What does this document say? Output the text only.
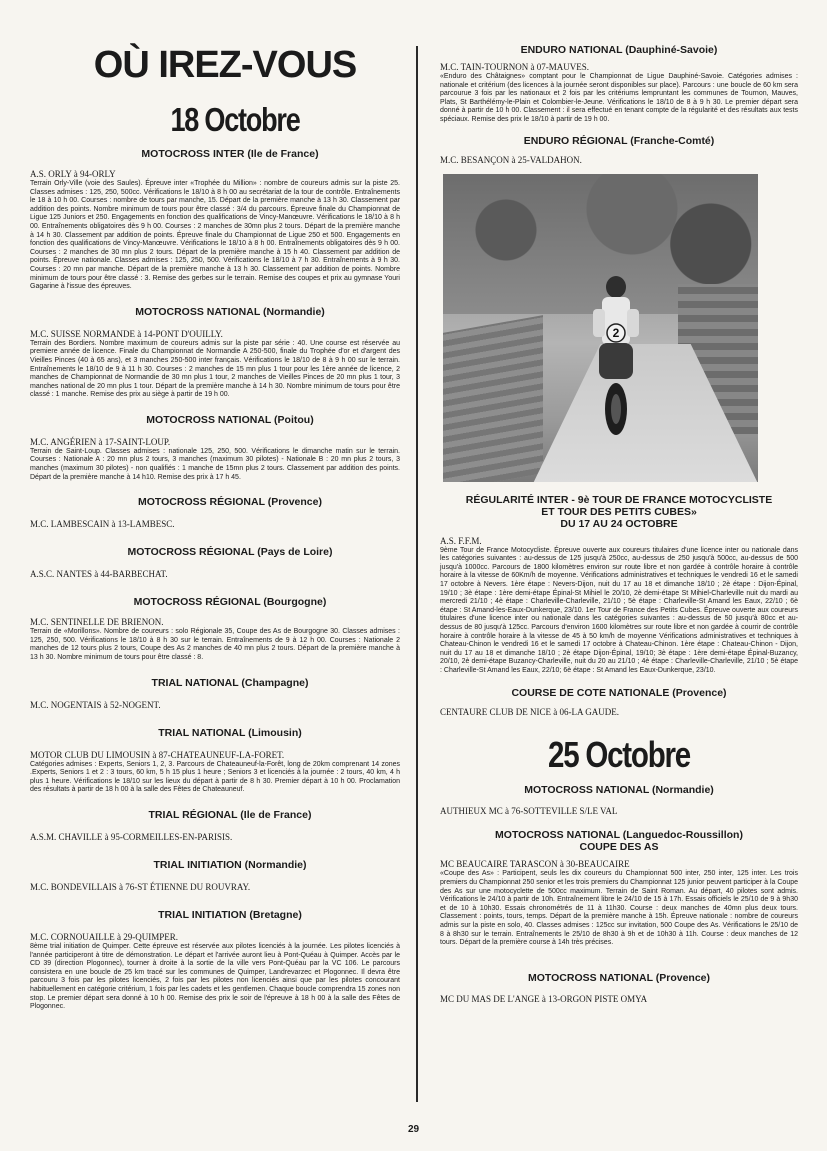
OÙ IREZ-VOUS
18 Octobre
MOTOCROSS INTER (Ile de France)
A.S. ORLY à 94-ORLY
Terrain Orly-Ville (voie des Saules). Épreuve inter «Trophée du Million» : nombre de coureurs admis sur la piste 25. Classes admises : 125, 250, 500cc. Vérifications le 18/10 à 8 h 00 au secrétariat de la tour de contrôle. Entraînements le 18 à 10 h 00. Courses : nombre de tours par manche, 15. Départ de la première manche à 13 h 30. Classement par addition des points. Nombre minimum de tours pour être classé : 3/4 du parcours. Épreuve finale du Championnat de Ligue 125 Juniors et 250. Engagements en fonction des qualifications de Vincy-Manœuvre. Vérifications le 18/10 à 8 h 00. Entraînements obligatoires dès 9 h 00. Courses : 2 manches de 30mn plus 2 tours. Départ de la première manche à 14 h 30. Classement par addition de points. Épreuve finale du Championnat de Ligue 250 et 500. Engagements en fonction des qualifications de Vincy-Manœuvre. Vérifications le 18/10 à 8 h 00. Entraînements obligatoires dès 9 h 00. Courses : 2 manches de 30 mn plus 2 tours. Départ de la première manche à 15 h 40. Classement par addition de points. Épreuve nationale. Classes admises : 125, 250, 500. Vérifications le 18/10 à 7 h 30. Entraînements à 9 h 30. Courses : 20 mn par manche. Départ de la première manche à 13 h 30. Classement par addition de points. Nombre minimum de tours pour être classé : 3. Remise des gerbes sur le terrain. Remise des coupes et prix au gymnase Youri Gagarine à l'issue des épreuves.
MOTOCROSS NATIONAL (Normandie)
M.C. SUISSE NORMANDE à 14-PONT D'OUILLY.
Terrain des Bordiers. Nombre maximum de coureurs admis sur la piste par série : 40. Une course est réservée au premiere année de licence. Finale du Championnat de Normandie A 250-500, finale du Trophée d'or et d'argent des Vieilles Pinces (40 à 65 ans), et 3 manches 250-500 inter français. Vérifications le 18/10 de 8 à 9 h 00 sur le terrain. Entraînements le 18/10 de 9 à 11 h 30. Courses : 2 manches de 15 mn plus 1 tour pour les 1ère année de licence, 2 manches de Championnat de Normandie de 30 mn plus 1 tour, 2 manches de Vieilles Pinces de 20 mn plus 1 tour, 3 manches national de 20 mn plus 1 tour. Départ de la première manche à 14 h 30. Nombre minimum de tours pour être classé : 1 manche. Remise des prix au siège à partir de 19 h 00.
MOTOCROSS NATIONAL (Poitou)
M.C. ANGÉRIEN à 17-SAINT-LOUP.
Terrain de Saint-Loup. Classes admises : nationale 125, 250, 500. Vérifications le dimanche matin sur le terrain. Courses : Nationale A : 20 mn plus 2 tours, 3 manches (maximum 30 pilotes) - Nationale B : 20 mn plus 2 tours, 3 manches (maximum 30 pilotes) - non qualifiés : 1 manche de 15mn plus 2 tours. Classement par addition des points. Départ de la première manche à 14 h10. Remise des prix à 17 h 45.
MOTOCROSS RÉGIONAL (Provence)
M.C. LAMBESCAIN à 13-LAMBESC.
MOTOCROSS RÉGIONAL (Pays de Loire)
A.S.C. NANTES à 44-BARBECHAT.
MOTOCROSS RÉGIONAL (Bourgogne)
M.C. SENTINELLE DE BRIENON.
Terrain de «Morillons». Nombre de coureurs : solo Régionale 35, Coupe des As de Bourgogne 30. Classes admises : 125, 250, 500. Vérifications le 18/10 à 8 h 30 sur le terrain. Entraînements de 9 à 12 h 00. Courses : Nationale 2 manches de 12 tours plus 2 tours, Coupe des As 2 manches de 40 mn plus 2 tours. Départ de la première manche à 13 h 30. Nombre minimum de tours pour être classé : 8.
TRIAL NATIONAL (Champagne)
M.C. NOGENTAIS à 52-NOGENT.
TRIAL NATIONAL (Limousin)
MOTOR CLUB DU LIMOUSIN à 87-CHATEAUNEUF-LA-FORET.
Catégories admises : Experts, Seniors 1, 2, 3. Parcours de Chateauneuf-la-Forêt, long de 20km comprenant 14 zones .Experts, Seniors 1 et 2 : 3 tours, 60 km, 5 h 15 plus 1 heure ; Seniors 3 et licenciés à la journée : 2 tours, 40 km, 4 h plus 1 heure. Vérifications le 18/10 sur les lieux du départ à partir de 8 h 30. Premier départ à 10 h 00. Proclamation des résultats à partir de 18 h 00 à la salle des Fêtes de Chateauneuf.
TRIAL RÉGIONAL (Ile de France)
A.S.M. CHAVILLE à 95-CORMEILLES-EN-PARISIS.
TRIAL INITIATION (Normandie)
M.C. BONDEVILLAIS à 76-ST ÉTIENNE DU ROUVRAY.
TRIAL INITIATION (Bretagne)
M.C. CORNOUAILLE à 29-QUIMPER.
8ème trial initiation de Quimper. Cette épreuve est réservée aux pilotes licenciés à la journée. Les pilotes licenciés à l'année participeront à titre de démonstration. Le départ et l'arrivée auront lieu à Pont-Quéau à Quimper. Accès par le CD 39 (direction Plogonnec), tourner à droite à la sortie de la ville vers Pont-Quéau par la VC 106. Le parcours consistera en une boucle de 25 km tracé sur les communes de Quimper, Landrevarzec et Plogonnec. Il devra être parcouru 3 fois par les pilotes licenciés, 2 fois par les pilotes non licenciés ainsi que par les pilotes concourant habituellement en catégorie critérium, 1 fois par les cadets et les gentlemen. Chaque boucle comprendra 15 zones non stop. Le premier départ sera donné à 10 h 00. Remise des prix le soir de l'épreuve à 18 h 00 à la salle des Fêtes de Plogonnec.
ENDURO NATIONAL (Dauphiné-Savoie)
M.C. TAIN-TOURNON à 07-MAUVES.
«Enduro des Châtaignes» comptant pour le Championnat de Ligue Dauphiné-Savoie. Catégories admises : nationale et critérium (des licences à la journée seront disponibles sur place). Parcours : une boucle de 60 km sera parcourue 3 fois par les nationaux et 2 fois par les critériums lempruntant les communes de Tournon, Mauves, Plats, St Barthélémy-le-Plain et Colombier-le-Jeune. Vérifications le 18/10 de 8 à 9 h 30. Le premier départ sera donné à partir de 10 h 00. Classement : il sera effectué en tenant compte de la régularité et des résultats aux tests spéciaux. Remise des prix le 18/10 à partir de 19 h 00.
ENDURO RÉGIONAL (Franche-Comté)
M.C. BESANÇON à 25-VALDAHON.
2
RÉGULARITÉ INTER - 9è TOUR DE FRANCE MOTOCYCLISTE
ET TOUR DES PETITS CUBES»
DU 17 AU 24 OCTOBRE
A.S. F.F.M.
9ème Tour de France Motocycliste. Épreuve ouverte aux coureurs titulaires d'une licence inter ou nationale dans les catégories suivantes : au-dessus de 125 jusqu'à 250cc, au-dessus de 250 jusqu'à 500cc, au-dessus de 500 jusqu'à 1000cc. Parcours de 1800 kilomètres environ sur route libre et non gardée à contrôle horaire à contrôle horaire à la vitesse de 60Km/h de moyenne. Vérifications administratives et techniques le vendredi 16 et le samedi 17 octobre à Nevers. 1ère étape : Nevers-Dijon, nuit du 17 au 18 et dimanche 18/10 ; 2è étape : Dijon-Épinal, 19/10 ; 3è étape : 1ère demi-étape Épinal-St Mihiel le 20/10, 2è demi-étape St Mihiel-Charleville nuit du mardi au mercredi 21/10 ; 4è étape : Charleville-Charleville, 21/10 ; 5è étape : Charleville-St Amand les Eaux, 22/10 ; 6è étape : St Amand-les-Eaux-Dunkerque, 23/10. 1er Tour de France des Petits Cubes. Épreuve ouverte aux coureurs titulaires d'une licence inter ou nationale dans les catégories suivantes : au-dessus de 50 jusqu'à 80cc et au-dessus de 80 jusqu'à 125cc. Parcours d'environ 1600 kilomètres sur route libre et non gardée à courrir de contrôle horaire à contrôle horaire à la vitesse de 45 à 50 km/h de moyenne Vérifications administratives et techniques à Chateau-Chinon le vendredi 16 et le samedi 17 octobre à Chateau-Chinon. 1ère étape : Chateau-Chinon - Dijon, nuit du 17 au 18 et dimanche 18/10 ; 2è étape Dijon-Épinal, 19/10; 3è étape : 1ère demi-étape Épinal-Buzancy, 20/10, 2è demi-étape Buzancy-Charleville, nuit du 20 au 21/10 ; 4è étape : Charleville-Charleville, 21/10 ; 5è étape : Charleville-St Amand les Eaux, 22/10; 6è étape : St Amand les Eaux-Dunkerque, 23/10.
COURSE DE COTE NATIONALE (Provence)
CENTAURE CLUB DE NICE à 06-LA GAUDE.
25 Octobre
MOTOCROSS NATIONAL (Normandie)
AUTHIEUX MC à 76-SOTTEVILLE S/LE VAL
MOTOCROSS NATIONAL (Languedoc-Roussillon)
COUPE DES AS
MC BEAUCAIRE TARASCON à 30-BEAUCAIRE
«Coupe des As» : Participent, seuls les dix coureurs du Championnat 500 inter, 250 inter, 125 inter. Les trois premiers du Championnat 250 senior et les trois premiers du Championnat 125 junior peuvent participer à la Coupe des As sur une motocyclette de 500cc maximum. Terrain de Saint Roman. Au départ, 40 pilotes sont admis. Vérifications le 24/10 à partir de 10h. Entraînement libre le 24/10 de 15 à 17h. Essais officiels le 25/10 de 9 à 9h30 et de 10 à 10h30. Essais chronométrés de 11 à 11h30. Course : deux manches de 40mn plus deux tours. Classement : points, tours, temps. Départ de la première manche à 15h. Épreuve nationale : nombre de coureurs admis sur la piste en solo, 40. Classes admises : 125cc sur invitation, 500 Coupe des As. Vérifications le 25/10 de 8 à 8h30 sur le terrain. Entraînements le 25/10 de 8h30 à 9h et de 10h30 à 11h. Course : deux manches de 12 tours. Départ de la première course à 14h très précises.
MOTOCROSS NATIONAL (Provence)
MC DU MAS DE L'ANGE à 13-ORGON PISTE OMYA
29
